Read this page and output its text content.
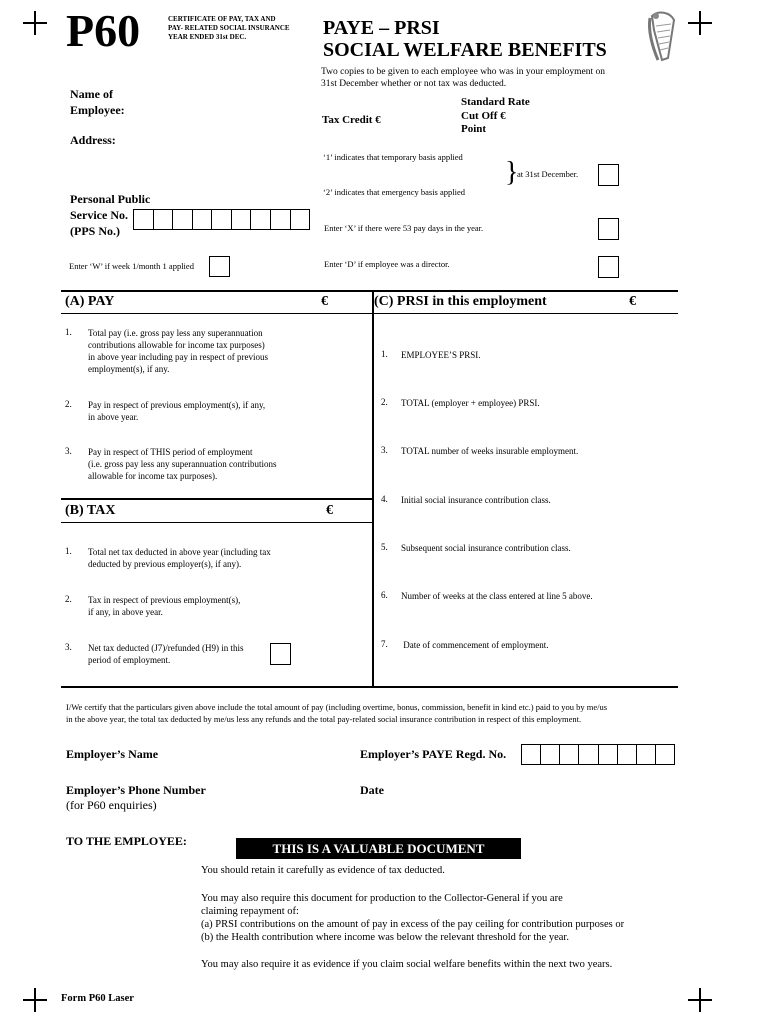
P60	CERTIFICATE OF PAY, TAX AND
PAY- RELATED SOCIAL INSURANCE
YEAR ENDED 31st DEC.	PAYE – PRSI
SOCIAL WELFARE BENEFITS
Two copies to be given to each employee who was in your employment on
31st December whether or not tax was deducted.
Name of
Employee:
Address:
Personal Public
Service No.
(PPS No.)
Enter ‘W’ if week 1/month 1 applied
Tax Credit €
Standard Rate
Cut Off €
Point
‘1’ indicates that temporary basis applied }
at 31st December.
‘2’ indicates that emergency basis applied
Enter ‘X’ if there were 53 pay days in the year.
Enter ‘D’ if employee was a director.
(A) PAY	€
1. Total pay (i.e. gross pay less any superannuation
contributions allowable for income tax purposes)
in above year including pay in respect of previous
employment(s), if any.
2. Pay in respect of previous employment(s), if any,
in above year.
3. Pay in respect of THIS period of employment
(i.e. gross pay less any superannuation contributions
allowable for income tax purposes).
(B) TAX	€
1. Total net tax deducted in above year (including tax
deducted by previous employer(s), if any).
2. Tax in respect of previous employment(s),
if any, in above year.
3. Net tax deducted (J7)/refunded (H9) in this
period of employment.
(C) PRSI in this employment	€
1. EMPLOYEE’S PRSI.
2. TOTAL (employer + employee) PRSI.
3. TOTAL number of weeks insurable employment.
4. Initial social insurance contribution class.
5. Subsequent social insurance contribution class.
6. Number of weeks at the class entered at line 5 above.
7. Date of commencement of employment.
I/We certify that the particulars given above include the total amount of pay (including overtime, bonus, commission, benefit in kind etc.) paid to you by me/us
in the above year, the total tax deducted by me/us less any refunds and the total pay-related social insurance contribution in respect of this employment.
Employer’s Name	Employer’s PAYE Regd. No.
Employer’s Phone Number
(for P60 enquiries)
Date
TO THE EMPLOYEE:	THIS IS A VALUABLE DOCUMENT
You should retain it carefully as evidence of tax deducted.
You may also require this document for production to the Collector-General if you are
claiming repayment of:
(a) PRSI contributions on the amount of pay in excess of the pay ceiling for contribution purposes or
(b) the Health contribution where income was below the relevant threshold for the year.
You may also require it as evidence if you claim social welfare benefits within the next two years.
Form P60 Laser
